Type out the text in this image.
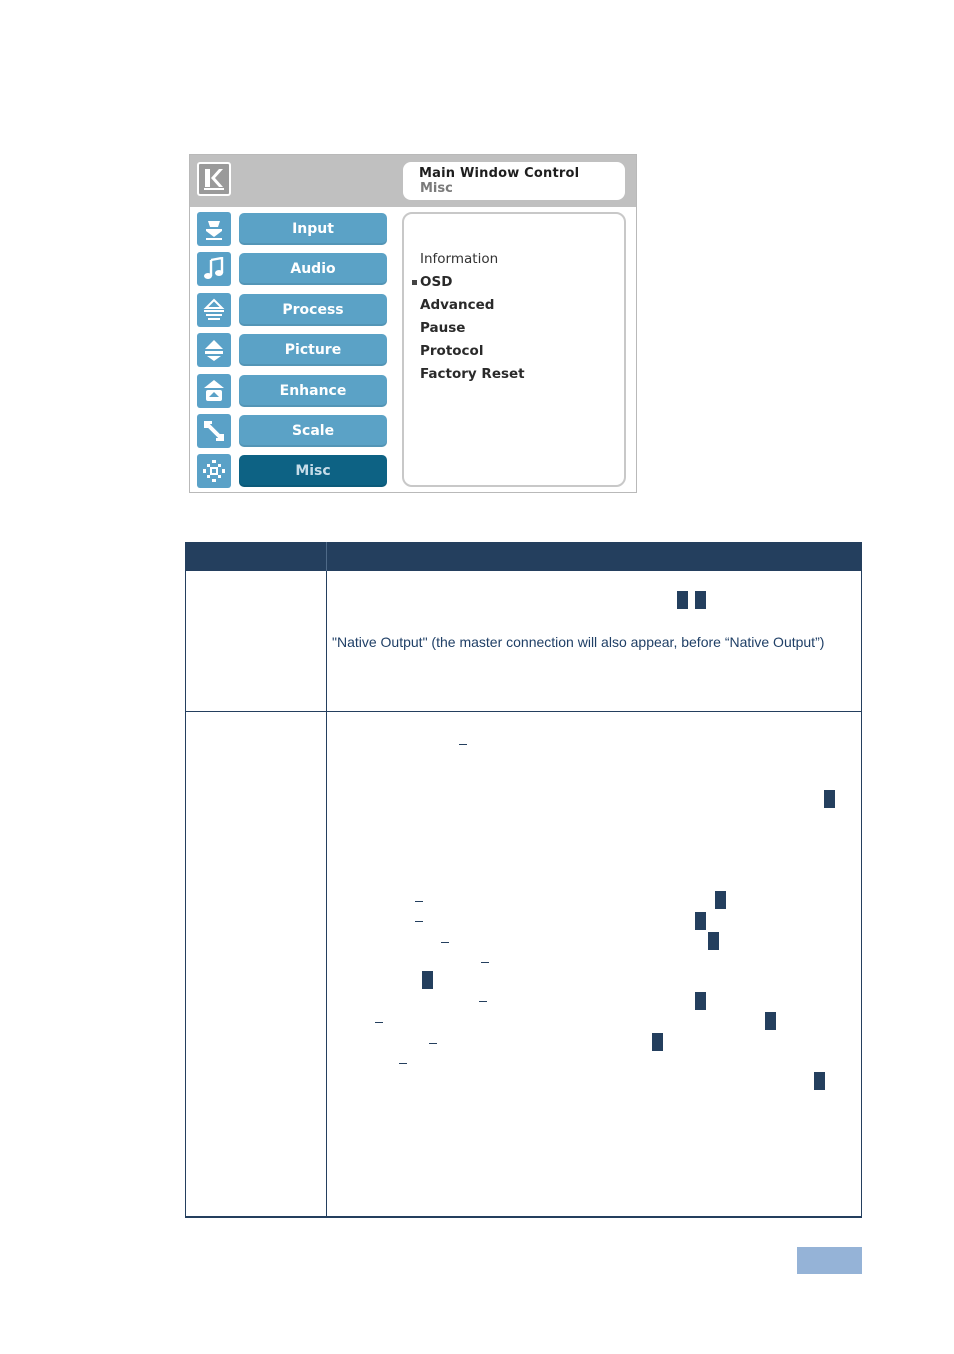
Main Window Control
Misc
Input
Audio
Process
Picture
Enhance
Scale
Misc
Information
OSD
Advanced
Pause
Protocol
Factory Reset
"Native Output" (the master connection will also appear, before “Native Output”)
